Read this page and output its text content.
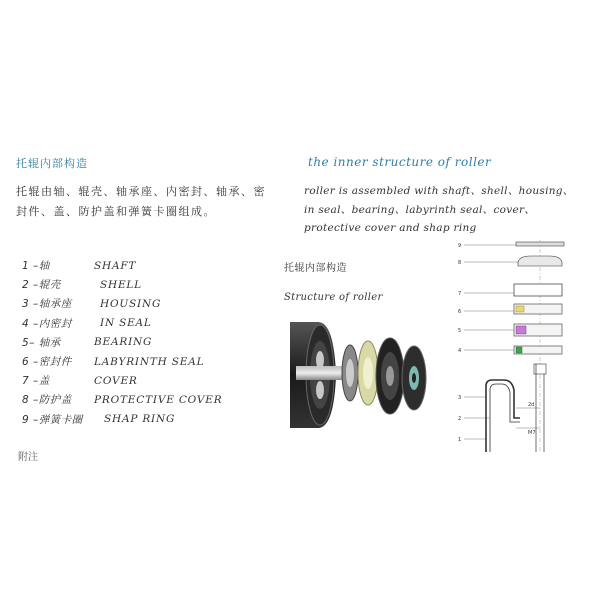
托辊内部构造	the inner structure of roller
托辊由轴、辊壳、轴承座、内密封、轴承、密封件、盖、防护盖和弹簧卡圈组成。
roller is assembled with shaft、shell、housing、in seal、bearing、labyrinth seal、cover、protective cover and shap ring
1 –轴	SHAFT
2 –辊壳	SHELL
3 –轴承座	HOUSING
4 –内密封	IN SEAL
5– 轴承	BEARING
6 –密封件	LABYRINTH SEAL
7 –盖	COVER
8 –防护盖	PROTECTIVE COVER
9 –弹簧卡圈	SHAP RING
附注
托辊内部构造
Structure of roller
9
8
7
6
5
4
3
2
1
2d
M7
